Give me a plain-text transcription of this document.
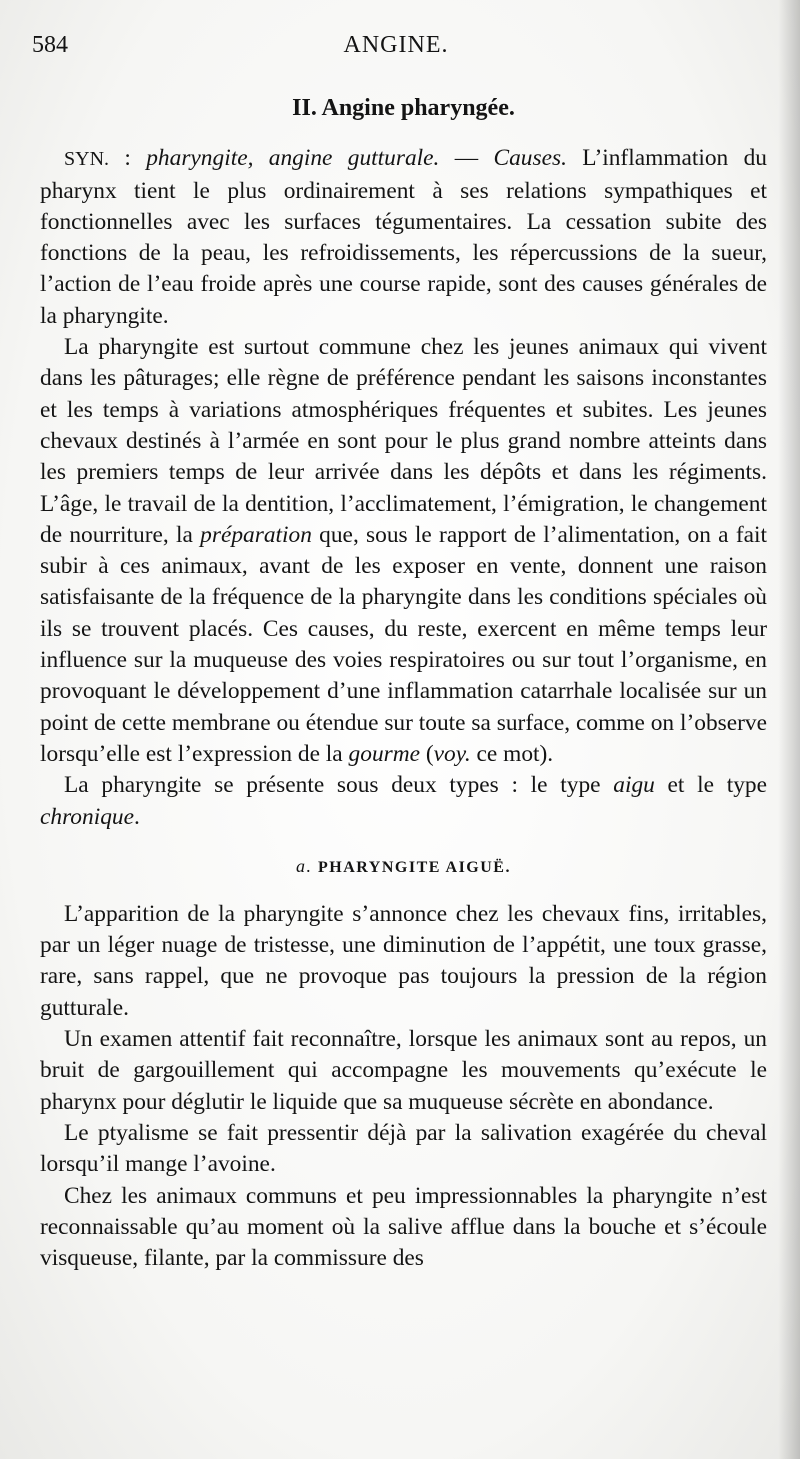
584	ANGINE.
II. Angine pharyngée.

SYN. : pharyngite, angine gutturale. — Causes. L’inflammation du pharynx tient le plus ordinairement à ses relations sympathiques et fonctionnelles avec les surfaces tégumentaires. La cessation subite des fonctions de la peau, les refroidissements, les répercussions de la sueur, l’action de l’eau froide après une course rapide, sont des causes générales de la pharyngite.

La pharyngite est surtout commune chez les jeunes animaux qui vivent dans les pâturages; elle règne de préférence pendant les saisons inconstantes et les temps à variations atmosphériques fréquentes et subites. Les jeunes chevaux destinés à l’armée en sont pour le plus grand nombre atteints dans les premiers temps de leur arrivée dans les dépôts et dans les régiments. L’âge, le travail de la dentition, l’acclimatement, l’émigration, le changement de nourriture, la préparation que, sous le rapport de l’alimentation, on a fait subir à ces animaux, avant de les exposer en vente, donnent une raison satisfaisante de la fréquence de la pharyngite dans les conditions spéciales où ils se trouvent placés. Ces causes, du reste, exercent en même temps leur influence sur la muqueuse des voies respiratoires ou sur tout l’organisme, en provoquant le développement d’une inflammation catarrhale localisée sur un point de cette membrane ou étendue sur toute sa surface, comme on l’observe lorsqu’elle est l’expression de la gourme (voy. ce mot).

La pharyngite se présente sous deux types : le type aigu et le type chronique.

a. PHARYNGITE AIGUË.

L’apparition de la pharyngite s’annonce chez les chevaux fins, irritables, par un léger nuage de tristesse, une diminution de l’appétit, une toux grasse, rare, sans rappel, que ne provoque pas toujours la pression de la région gutturale.

Un examen attentif fait reconnaître, lorsque les animaux sont au repos, un bruit de gargouillement qui accompagne les mouvements qu’exécute le pharynx pour déglutir le liquide que sa muqueuse sécrète en abondance.

Le ptyalisme se fait pressentir déjà par la salivation exagérée du cheval lorsqu’il mange l’avoine.

Chez les animaux communs et peu impressionnables la pharyngite n’est reconnaissable qu’au moment où la salive afflue dans la bouche et s’écoule visqueuse, filante, par la commissure des
